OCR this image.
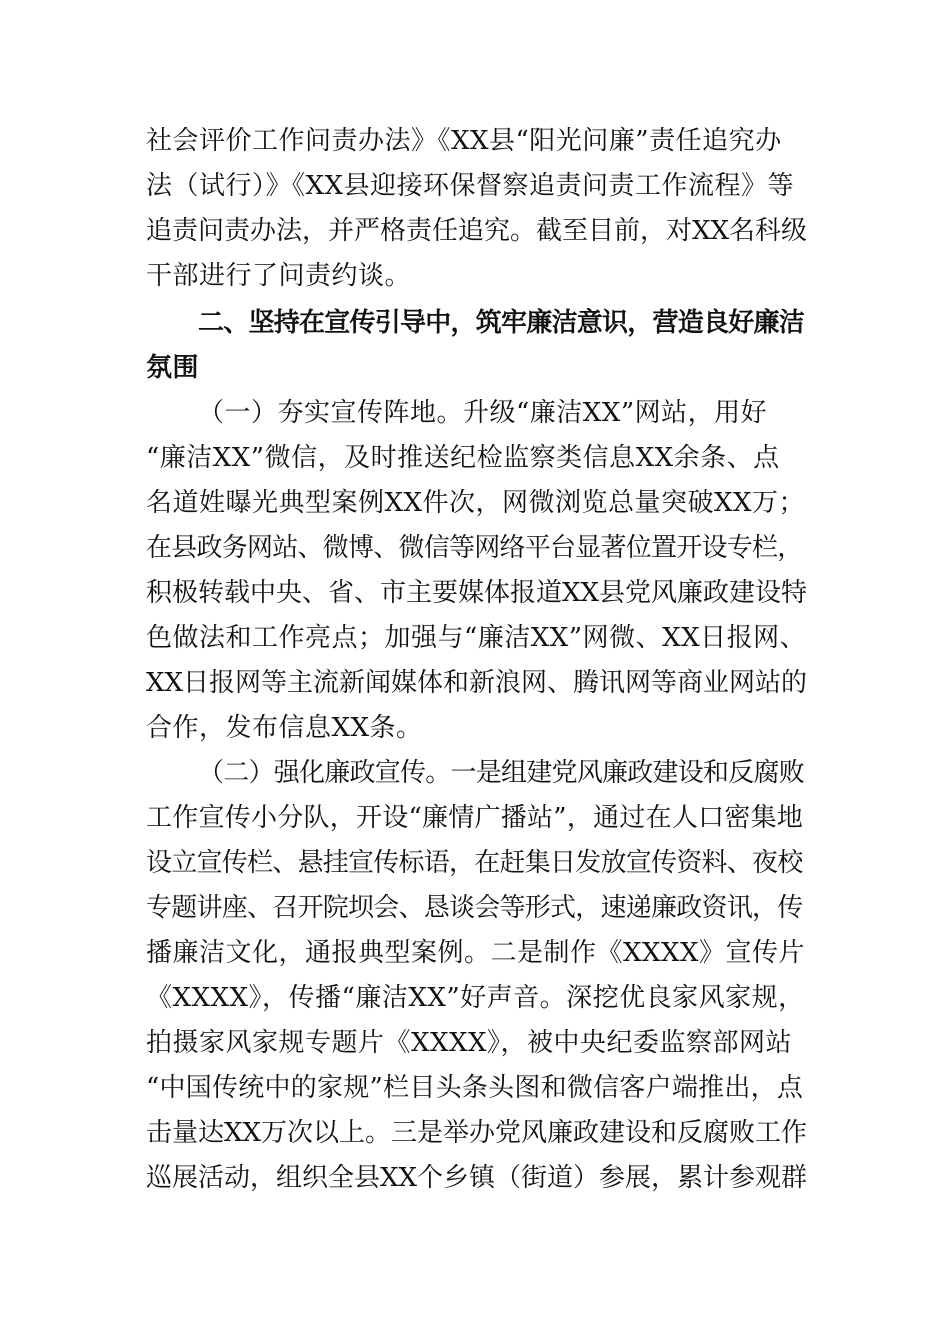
社会评价工作问责办法》《XX县“阳光问廉”责任追究办
法（试行）》《XX县迎接环保督察追责问责工作流程》等
追责问责办法，并严格责任追究。截至目前，对XX名科级
干部进行了问责约谈。
二、坚持在宣传引导中，筑牢廉洁意识，营造良好廉洁
氛围
（一）夯实宣传阵地。升级“廉洁XX”网站，用好
“廉洁XX”微信，及时推送纪检监察类信息XX余条、点
名道姓曝光典型案例XX件次，网微浏览总量突破XX万；
在县政务网站、微博、微信等网络平台显著位置开设专栏，
积极转载中央、省、市主要媒体报道XX县党风廉政建设特
色做法和工作亮点；加强与“廉洁XX”网微、XX日报网、
XX日报网等主流新闻媒体和新浪网、腾讯网等商业网站的
合作，发布信息XX条。
（二）强化廉政宣传。一是组建党风廉政建设和反腐败
工作宣传小分队，开设“廉情广播站”，通过在人口密集地
设立宣传栏、悬挂宣传标语，在赶集日发放宣传资料、夜校
专题讲座、召开院坝会、恳谈会等形式，速递廉政资讯，传
播廉洁文化，通报典型案例。二是制作《XXXX》宣传片
《XXXX》，传播“廉洁XX”好声音。深挖优良家风家规，
拍摄家风家规专题片《XXXX》，被中央纪委监察部网站
“中国传统中的家规”栏目头条头图和微信客户端推出，点
击量达XX万次以上。三是举办党风廉政建设和反腐败工作
巡展活动，组织全县XX个乡镇（街道）参展，累计参观群
